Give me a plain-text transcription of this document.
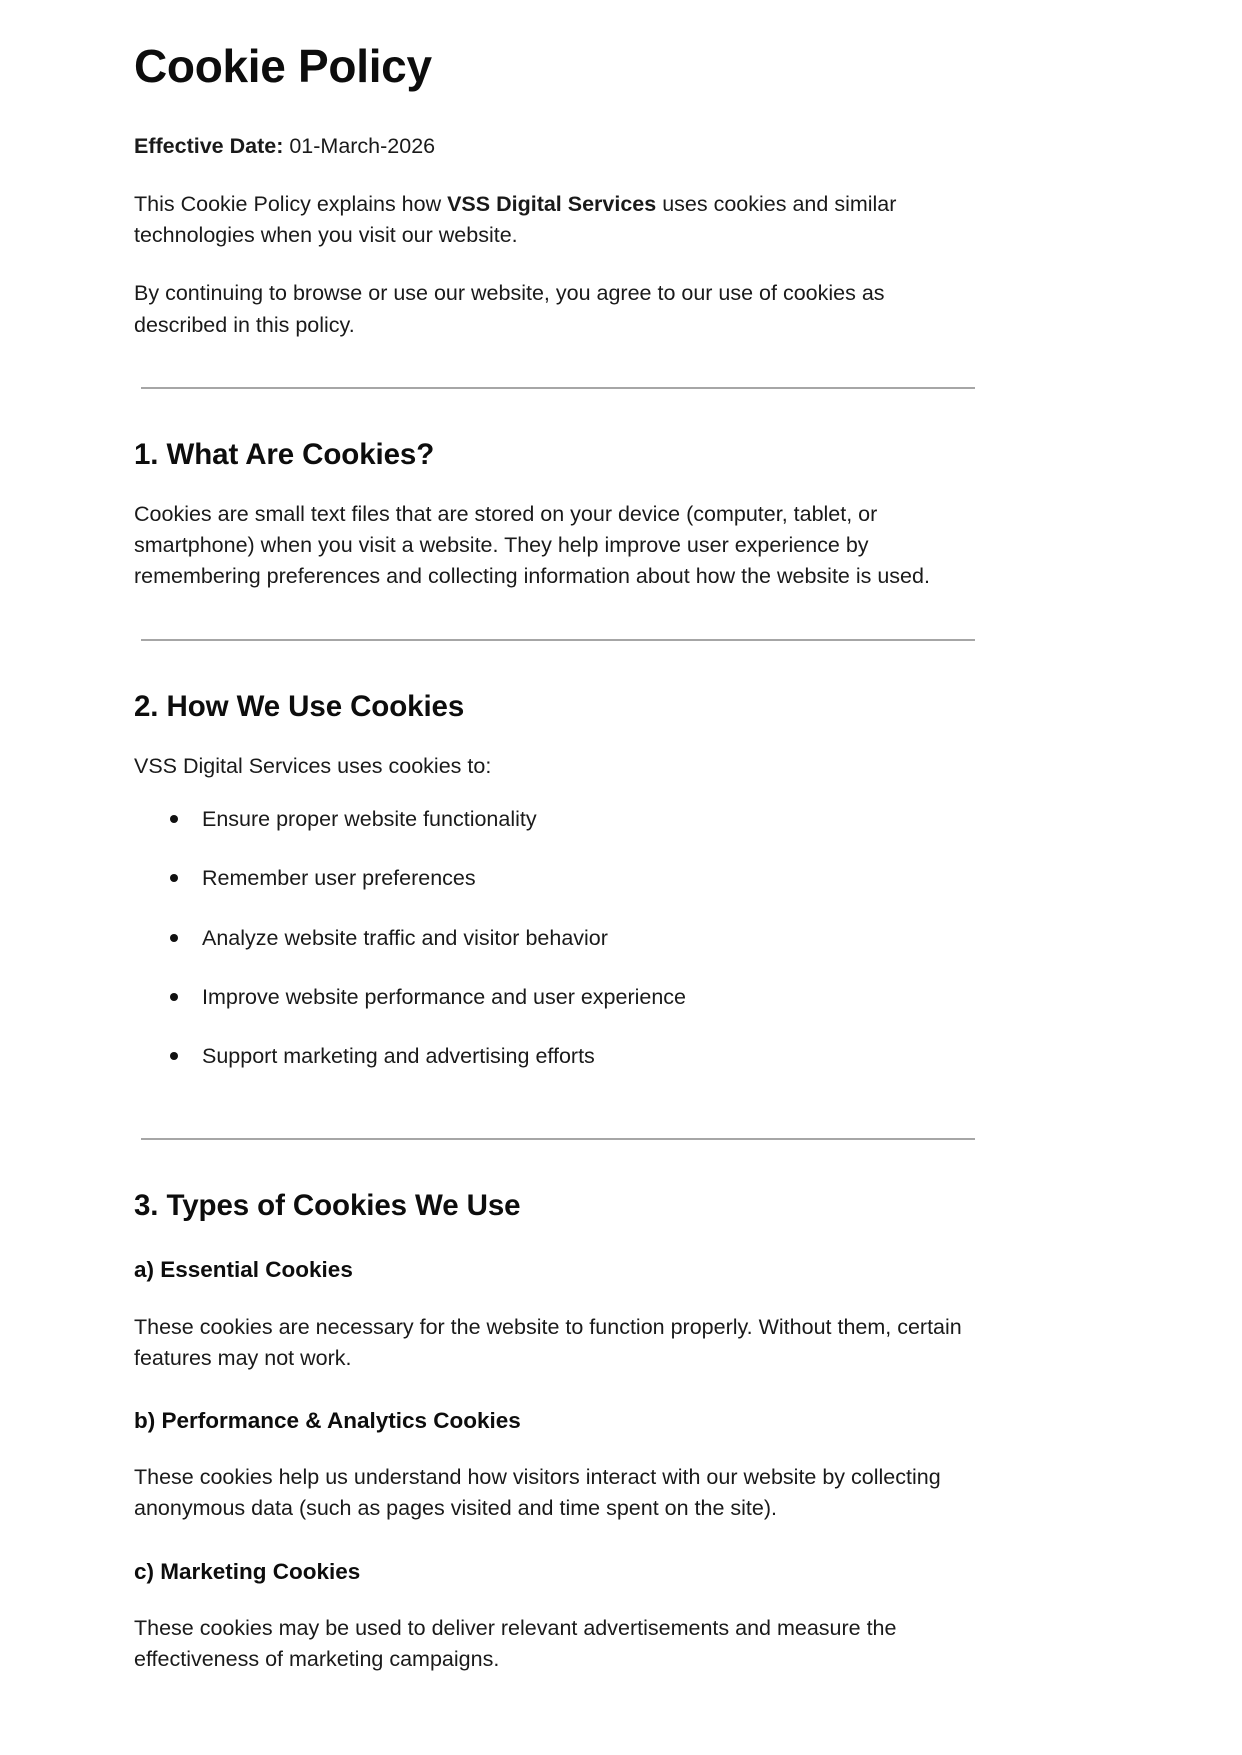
Cookie Policy

Effective Date: 01-March-2026

This Cookie Policy explains how VSS Digital Services uses cookies and similar technologies when you visit our website.

By continuing to browse or use our website, you agree to our use of cookies as described in this policy.

1. What Are Cookies?

Cookies are small text files that are stored on your device (computer, tablet, or smartphone) when you visit a website. They help improve user experience by remembering preferences and collecting information about how the website is used.

2. How We Use Cookies

VSS Digital Services uses cookies to:

Ensure proper website functionality
Remember user preferences
Analyze website traffic and visitor behavior
Improve website performance and user experience
Support marketing and advertising efforts
3. Types of Cookies We Use
a) Essential Cookies

These cookies are necessary for the website to function properly. Without them, certain features may not work.

b) Performance & Analytics Cookies

These cookies help us understand how visitors interact with our website by collecting anonymous data (such as pages visited and time spent on the site).

c) Marketing Cookies

These cookies may be used to deliver relevant advertisements and measure the effectiveness of marketing campaigns.
